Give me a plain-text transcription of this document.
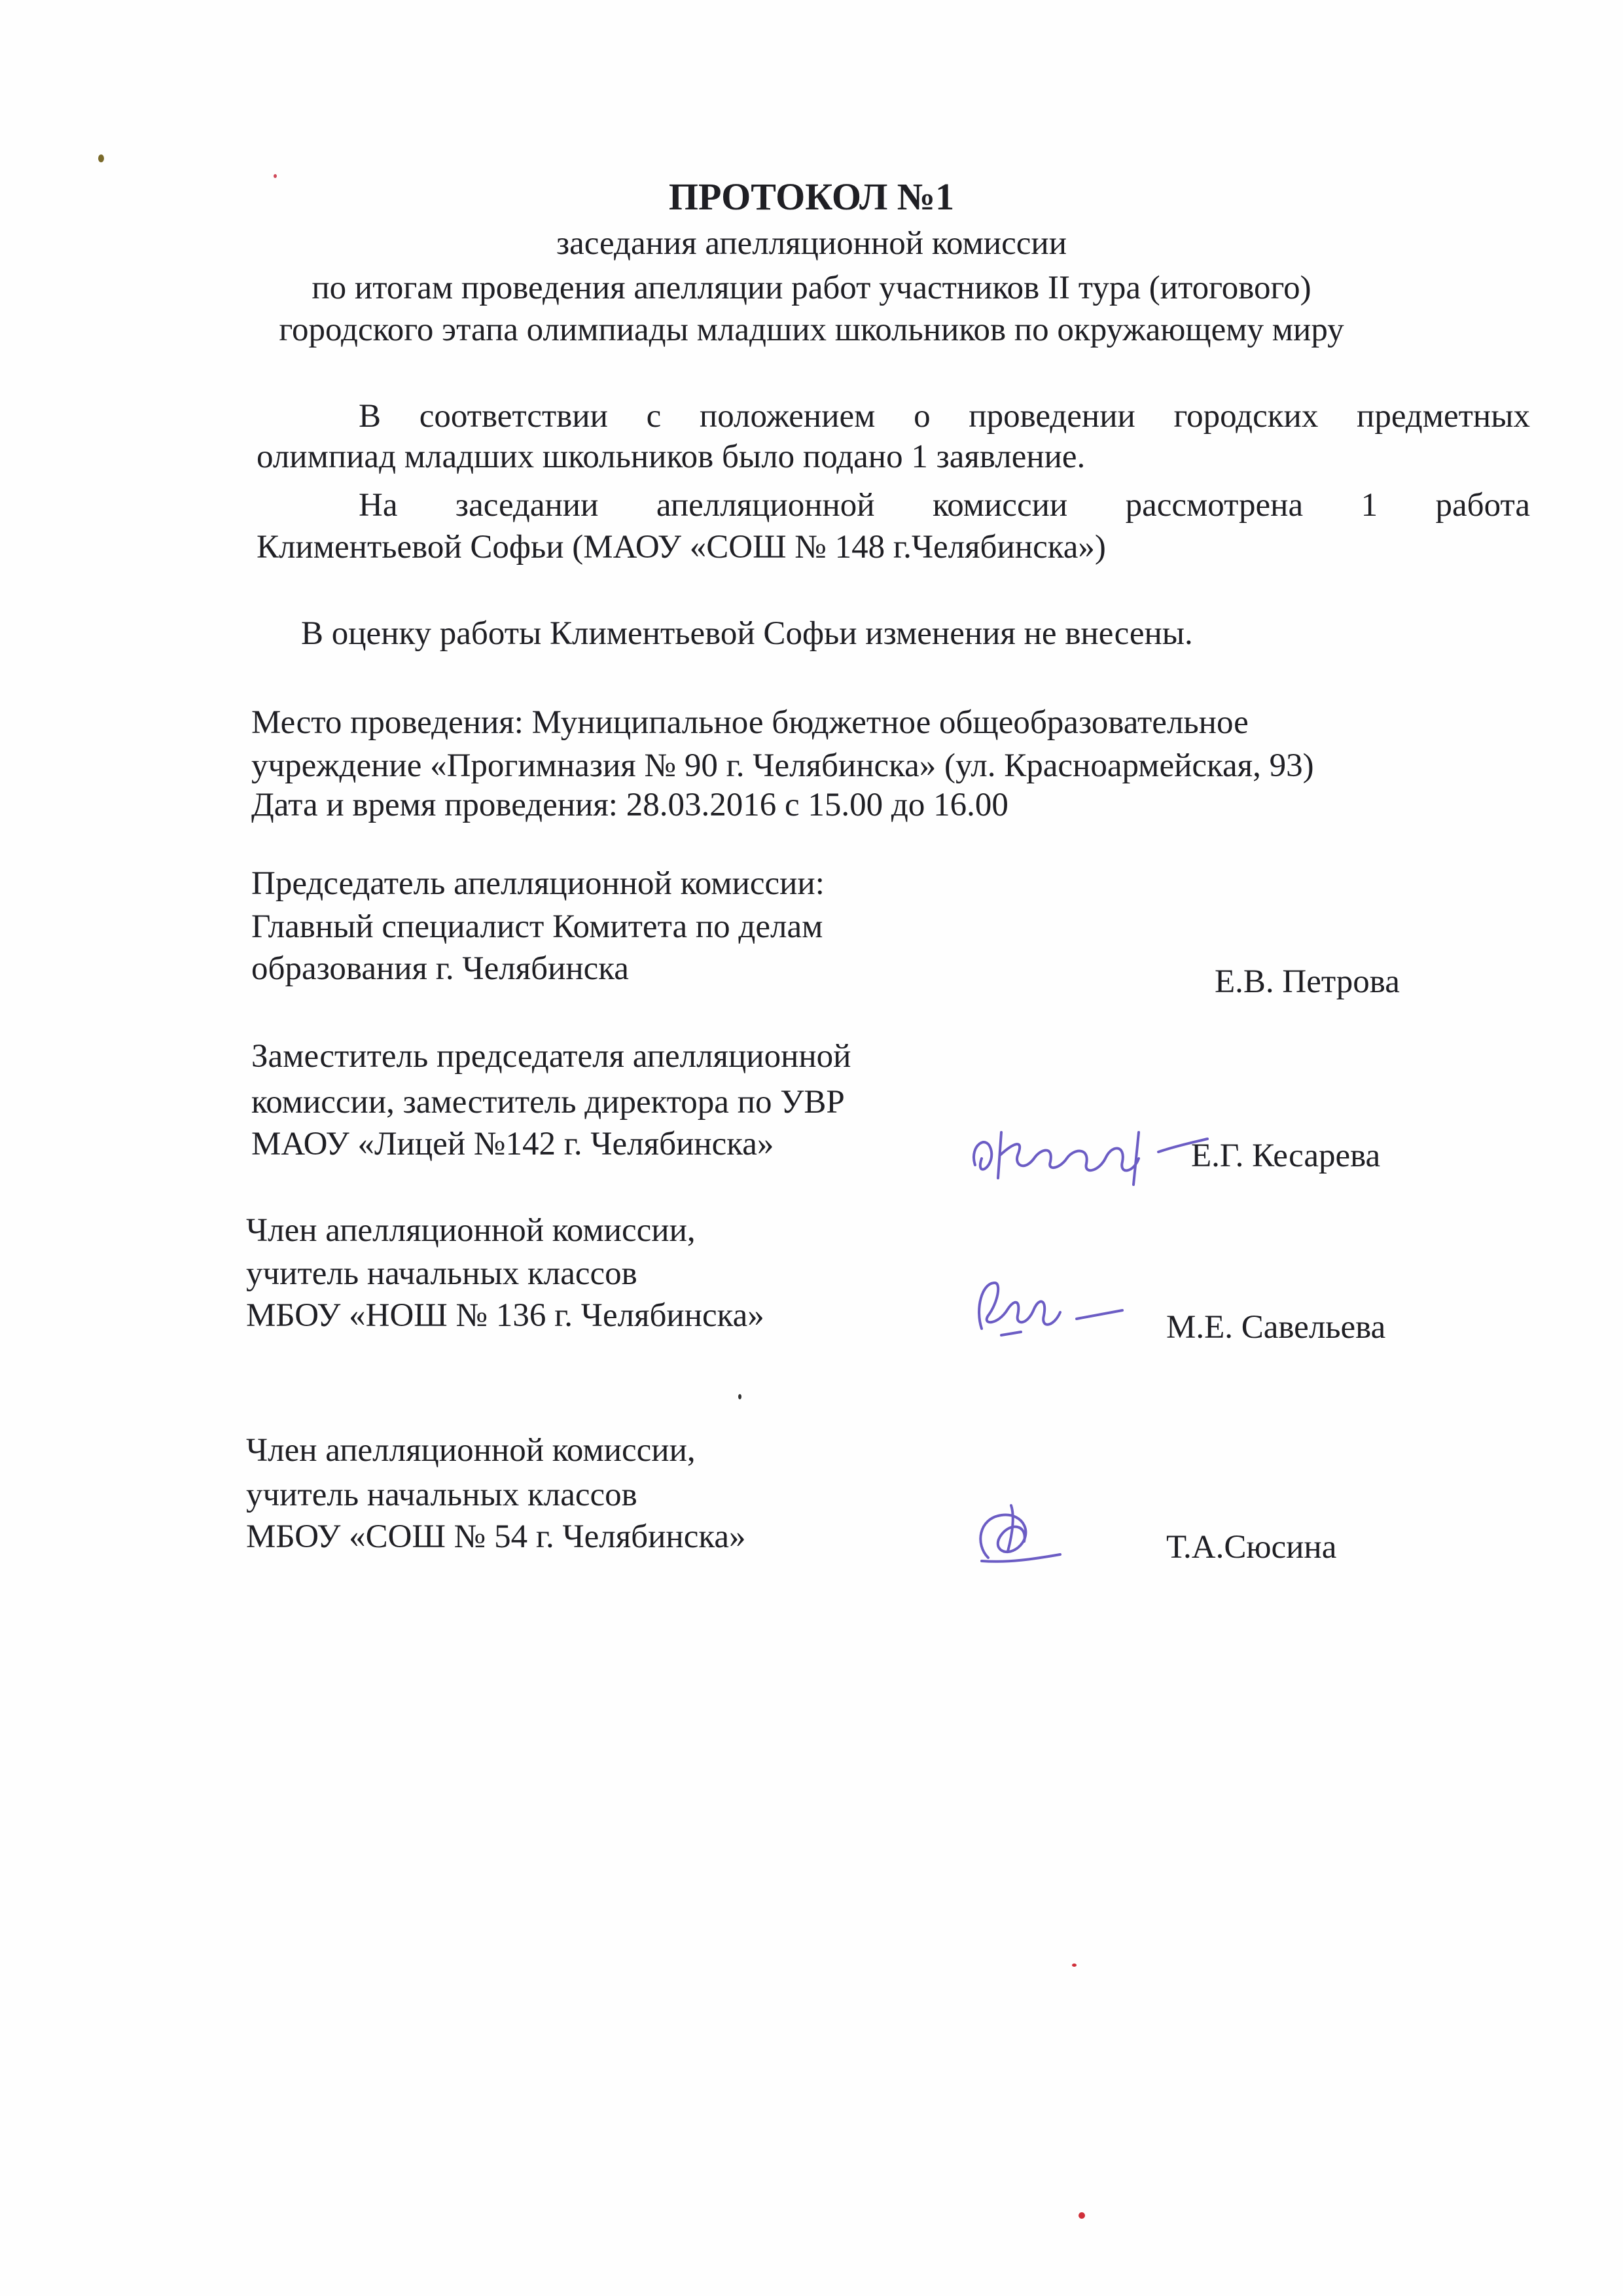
ПРОТОКОЛ №1
заседания апелляционной комиссии
по итогам проведения апелляции работ участников II тура (итогового)
городского этапа олимпиады младших школьников по окружающему миру
В соответствии с положением о проведении городских предметных
олимпиад младших школьников было подано 1 заявление.
На заседании апелляционной комиссии рассмотрена 1 работа
Климентьевой Софьи (МАОУ «СОШ № 148 г.Челябинска»)
В оценку работы Климентьевой Софьи изменения не внесены.
Место проведения: Муниципальное бюджетное общеобразовательное
учреждение «Прогимназия № 90 г. Челябинска» (ул. Красноармейская, 93)
Дата и время проведения: 28.03.2016 с 15.00 до 16.00
Председатель апелляционной комиссии:
Главный специалист Комитета по делам
образования г. Челябинска	Е.В. Петрова
Заместитель председателя апелляционной
комиссии, заместитель директора по УВР
МАОУ «Лицей №142 г. Челябинска»	Е.Г. Кесарева
Член апелляционной комиссии,
учитель начальных классов
МБОУ «НОШ № 136 г. Челябинска»	М.Е. Савельева
Член апелляционной комиссии,
учитель начальных классов
МБОУ «СОШ № 54 г. Челябинска»	Т.А.Сюсина
